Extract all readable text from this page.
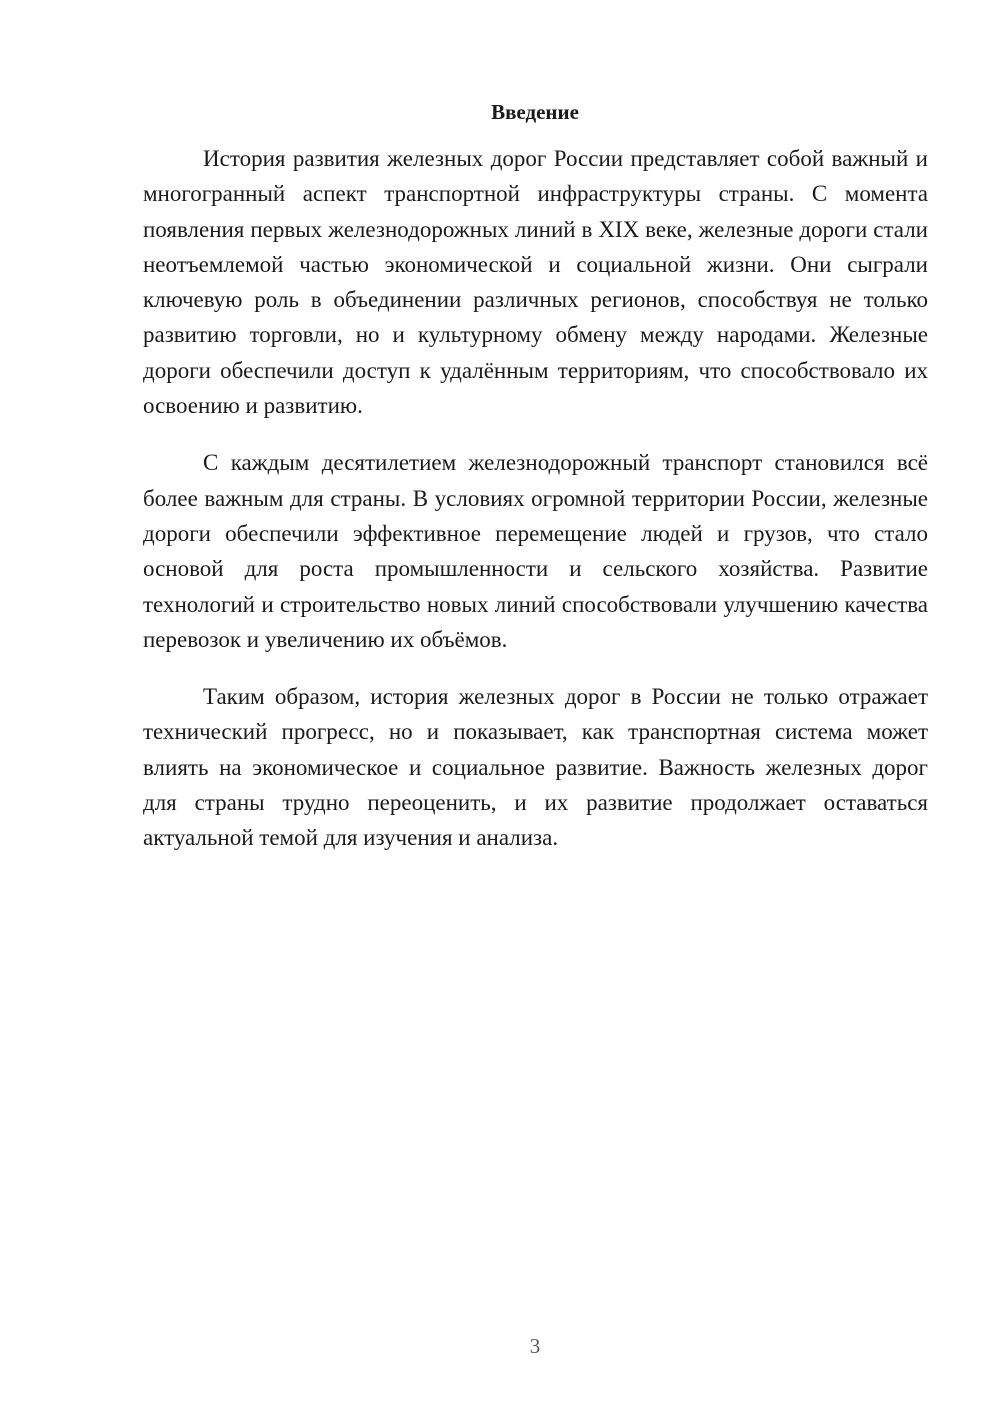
Введение

История развития железных дорог России представляет собой важный и многогранный аспект транспортной инфраструктуры страны. С момента появления первых железнодорожных линий в XIX веке, железные дороги стали неотъемлемой частью экономической и социальной жизни. Они сыграли ключевую роль в объединении различных регионов, способствуя не только развитию торговли, но и культурному обмену между народами. Железные дороги обеспечили доступ к удалённым территориям, что способствовало их освоению и развитию.

С каждым десятилетием железнодорожный транспорт становился всё более важным для страны. В условиях огромной территории России, железные дороги обеспечили эффективное перемещение людей и грузов, что стало основой для роста промышленности и сельского хозяйства. Развитие технологий и строительство новых линий способствовали улучшению качества перевозок и увеличению их объёмов.

Таким образом, история железных дорог в России не только отражает технический прогресс, но и показывает, как транспортная система может влиять на экономическое и социальное развитие. Важность железных дорог для страны трудно переоценить, и их развитие продолжает оставаться актуальной темой для изучения и анализа.

3
